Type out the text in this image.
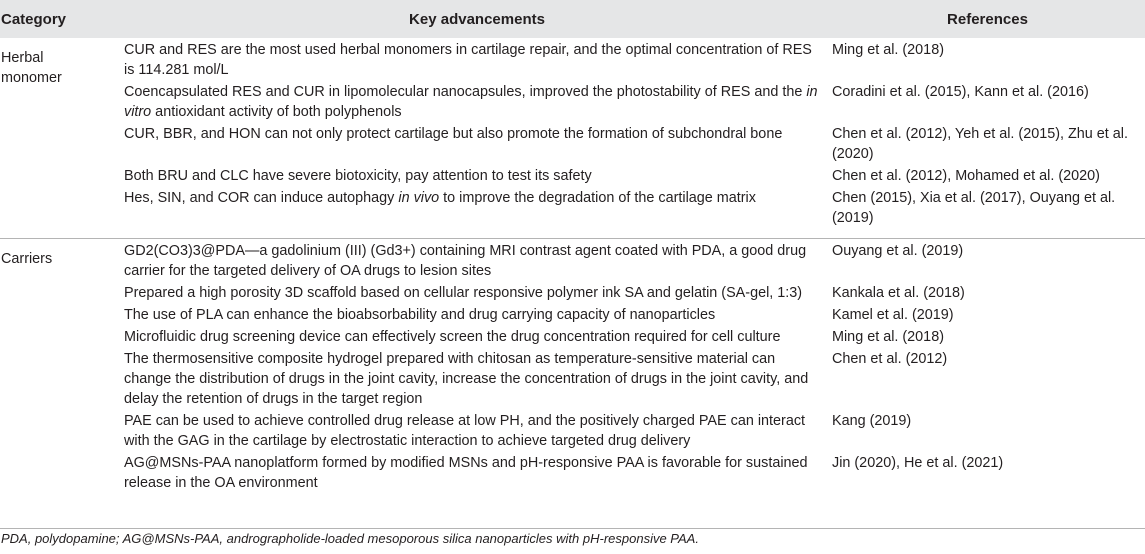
Category	Key advancements	References
Herbal
monomer	CUR and RES are the most used herbal monomers in cartilage repair, and the optimal concentration of RES is 114.281 mol/L	Ming et al. (2018)
	Coencapsulated RES and CUR in lipomolecular nanocapsules, improved the photostability of RES and the in vitro antioxidant activity of both polyphenols	Coradini et al. (2015), Kann et al. (2016)
	CUR, BBR, and HON can not only protect cartilage but also promote the formation of subchondral bone	Chen et al. (2012), Yeh et al. (2015), Zhu et al. (2020)
	Both BRU and CLC have severe biotoxicity, pay attention to test its safety	Chen et al. (2012), Mohamed et al. (2020)
	Hes, SIN, and COR can induce autophagy in vivo to improve the degradation of the cartilage matrix	Chen (2015), Xia et al. (2017), Ouyang et al. (2019)
Carriers	GD2(CO3)3@PDA—a gadolinium (III) (Gd3+) containing MRI contrast agent coated with PDA, a good drug carrier for the targeted delivery of OA drugs to lesion sites	Ouyang et al. (2019)
	Prepared a high porosity 3D scaffold based on cellular responsive polymer ink SA and gelatin (SA-gel, 1:3)	Kankala et al. (2018)
	The use of PLA can enhance the bioabsorbability and drug carrying capacity of nanoparticles	Kamel et al. (2019)
	Microfluidic drug screening device can effectively screen the drug concentration required for cell culture	Ming et al. (2018)
	The thermosensitive composite hydrogel prepared with chitosan as temperature-sensitive material can change the distribution of drugs in the joint cavity, increase the concentration of drugs in the joint cavity, and delay the retention of drugs in the target region	Chen et al. (2012)
	PAE can be used to achieve controlled drug release at low PH, and the positively charged PAE can interact with the GAG in the cartilage by electrostatic interaction to achieve targeted drug delivery	Kang (2019)
	AG@MSNs-PAA nanoplatform formed by modified MSNs and pH-responsive PAA is favorable for sustained release in the OA environment	Jin (2020), He et al. (2021)
PDA, polydopamine; AG@MSNs-PAA, andrographolide-loaded mesoporous silica nanoparticles with pH-responsive PAA.
